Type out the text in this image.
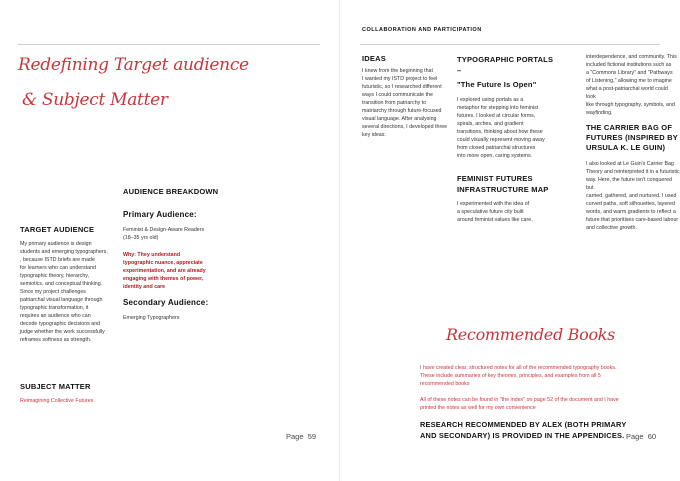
Redefining Target audience
& Subject Matter
TARGET AUDIENCE
My primary audience is design
students and emerging typographers,
, because ISTD briefs are made
for learners who can understand
typographic theory, hierarchy,
semiotics, and conceptual thinking.
Since my project challenges
patriarchal visual language through
typographic transformation, it
requires an audience who can
decode typographic decisions and
judge whether the work successfully
reframes softness as strength.
SUBJECT MATTER
Reimagining Collective Futures
AUDIENCE BREAKDOWN
Primary Audience:
Feminist & Design-Aware Readers
(18–35 yrs old)
Why: They understand
typographic nuance, appreciate
experimentation, and are already
engaging with themes of power,
identity and care
Secondary Audience:
Emerging Typographers
Page 59
COLLABORATION AND PARTICIPATION
IDEAS
I knew from the beginning that
I wanted my ISTD project to feel
futuristic, so I researched different
ways I could communicate the
transition from patriarchy to
matriarchy through future-focused
visual language. After analysing
several directions, I developed three
key ideas:
TYPOGRAPHIC PORTALS
–
"The Future Is Open"
I explored using portals as a
metaphor for stepping into feminist
futures. I looked at circular forms,
spirals, arches, and gradient
transitions, thinking about how these
could visually represent moving away
from closed patriarchal structures
into more open, caring systems.
FEMINIST FUTURES
INFRASTRUCTURE MAP
I experimented with the idea of
a speculative future city built
around feminist values like care,
interdependence, and community. This
included fictional institutions such as
a "Commons Library" and "Pathways
of Listening," allowing me to imagine
what a post-patriarchal world could look
like through typography, symbols, and
wayfinding.
THE CARRIER BAG OF
FUTURES (INSPIRED BY
URSULA K. LE GUIN)
I also looked at Le Guin's Carrier Bag
Theory and reinterpreted it in a futuristic
way. Here, the future isn't conquered but
carried, gathered, and nurtured. I used
curved paths, soft silhouettes, layered
words, and warm gradients to reflect a
future that prioritises care-based labour
and collective growth.
Recommended Books
I have created clear, structured notes for all of the recommended typography books.
These include summaries of key theories, principles, and examples from all 5
recommended books
All of these notes can be found in "the index" on page 52 of the document and I have
printed the notes as well for my own convenience
RESEARCH RECOMMENDED BY ALEX (BOTH PRIMARY
AND SECONDARY) IS PROVIDED IN THE APPENDICES. Page 60
